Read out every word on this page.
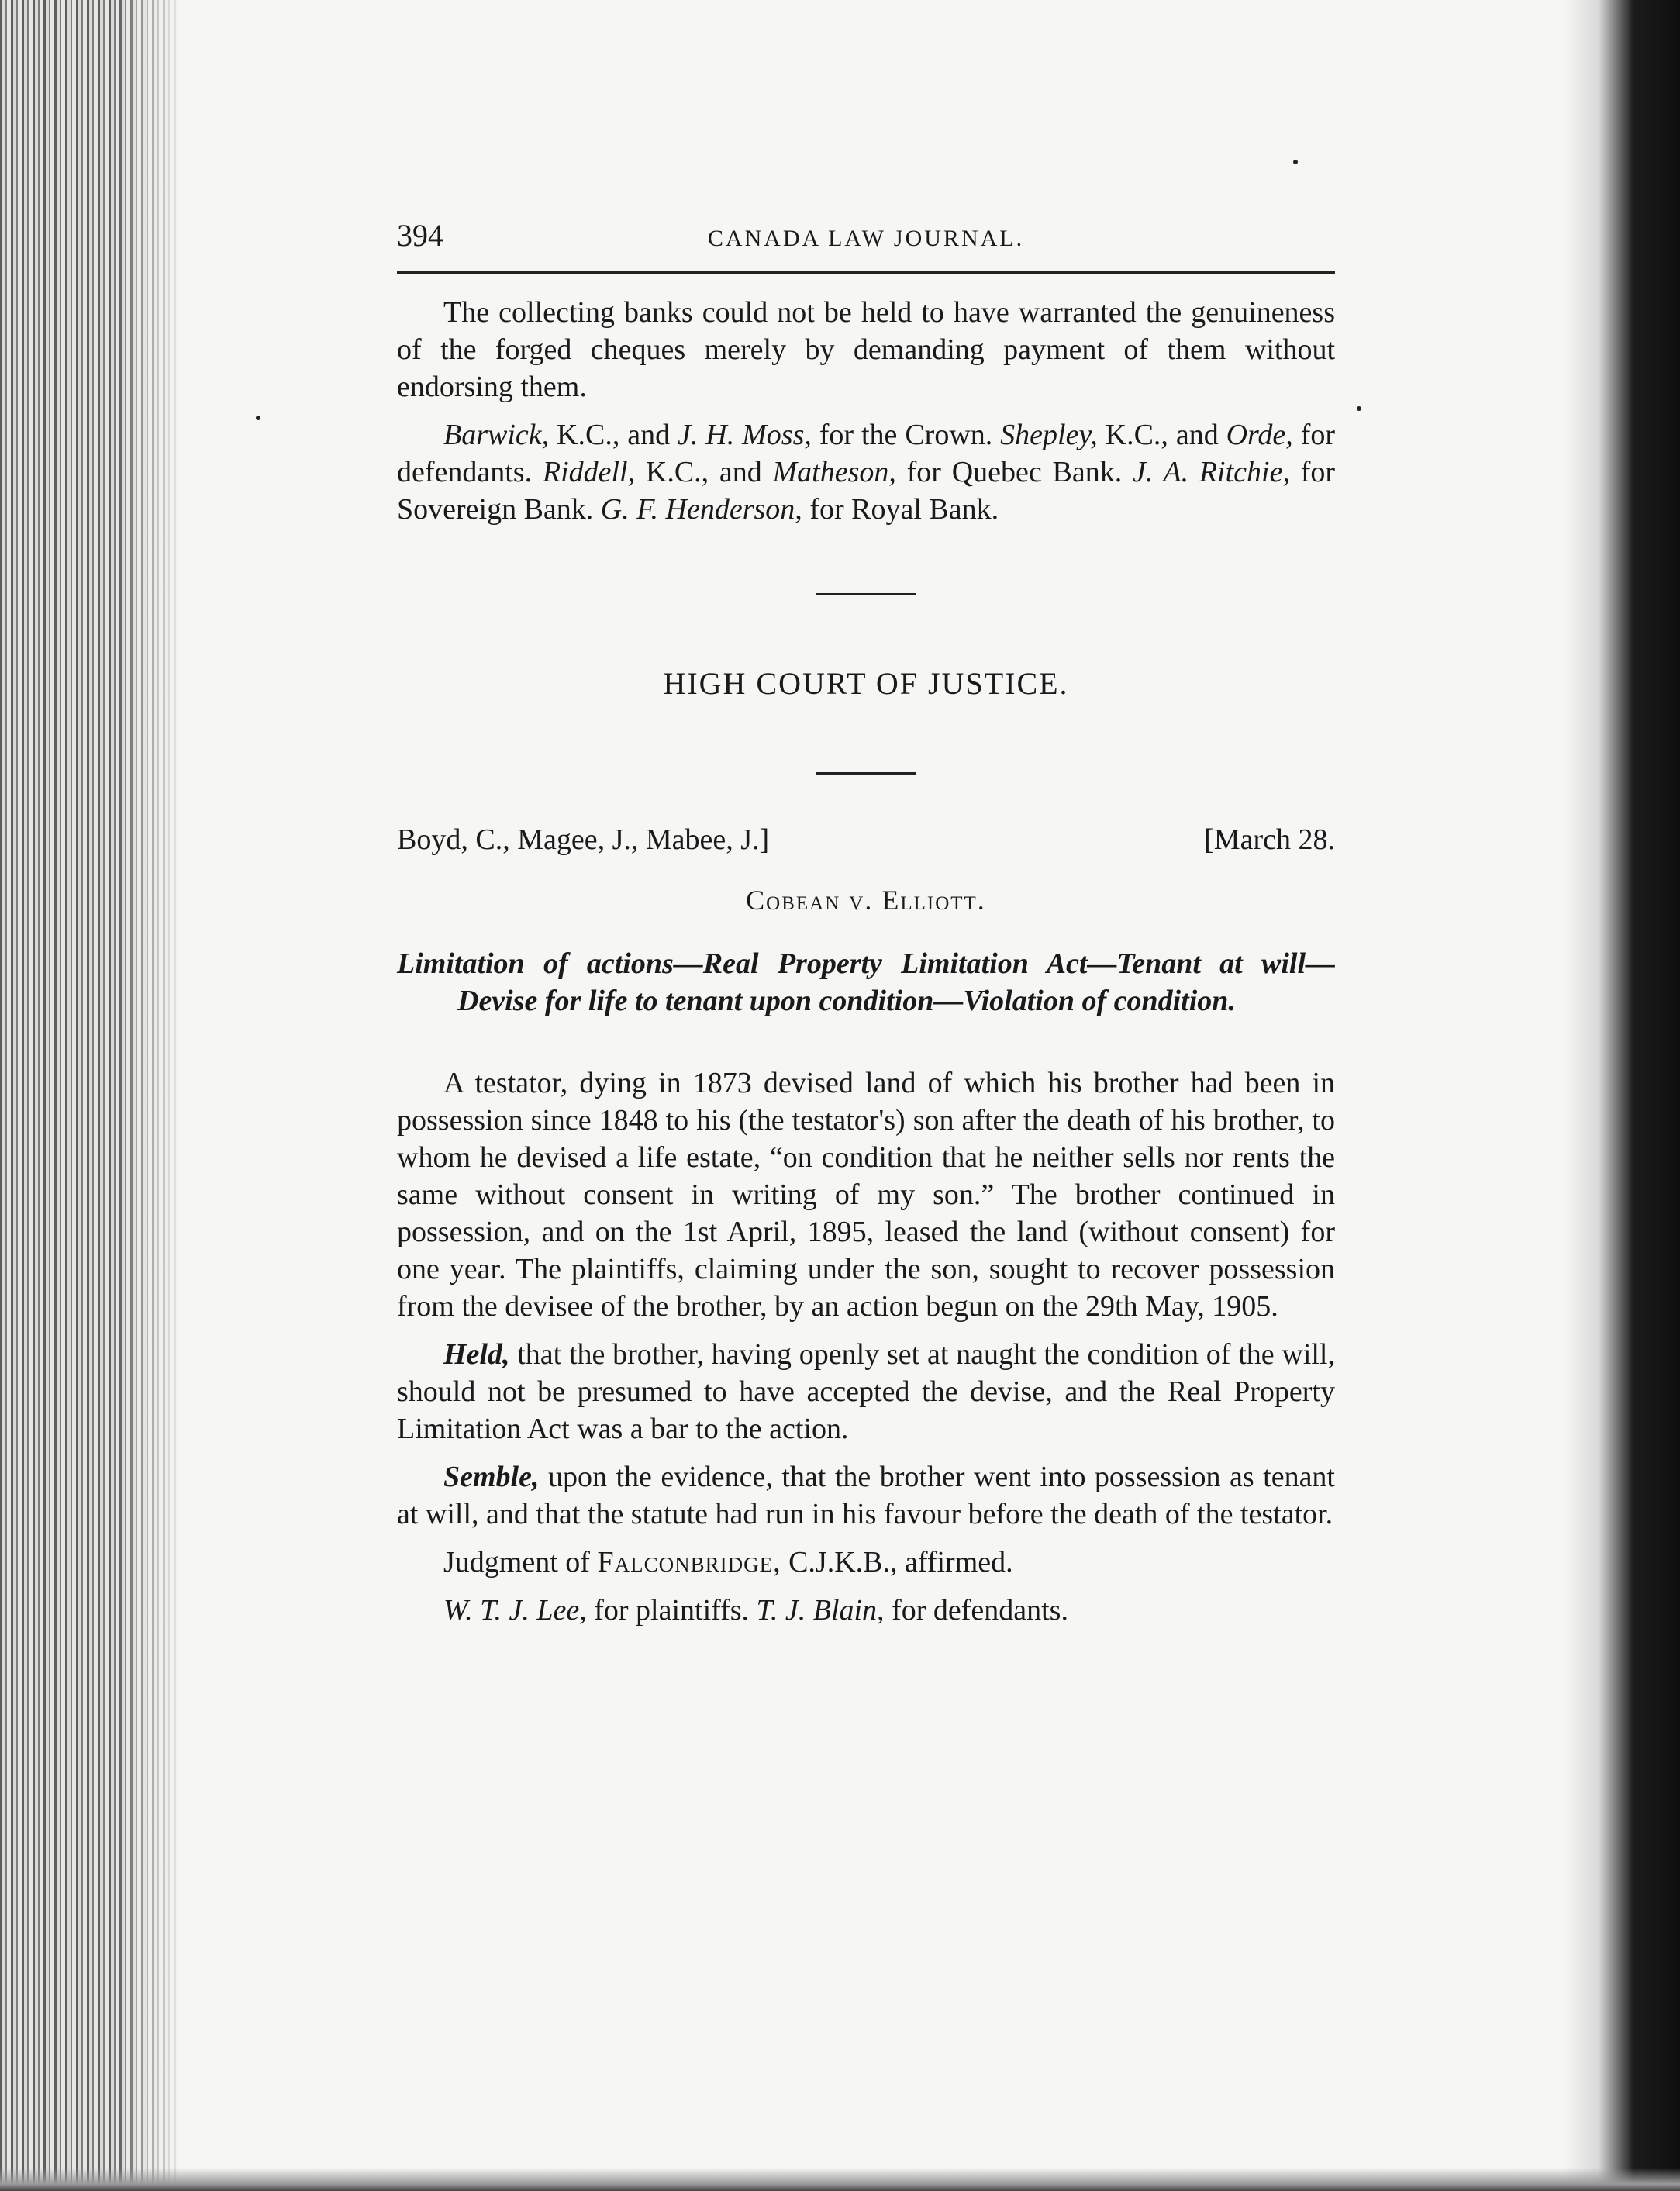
394	CANADA LAW JOURNAL.

The collecting banks could not be held to have warranted the genuineness of the forged cheques merely by demanding payment of them without endorsing them.

Barwick, K.C., and J. H. Moss, for the Crown. Shepley, K.C., and Orde, for defendants. Riddell, K.C., and Matheson, for Quebec Bank. J. A. Ritchie, for Sovereign Bank. G. F. Henderson, for Royal Bank.

HIGH COURT OF JUSTICE.
Boyd, C., Magee, J., Mabee, J.]	[March 28.
Cobean v. Elliott.
Limitation of actions—Real Property Limitation Act—Tenant at will—Devise for life to tenant upon condition—Violation of condition.

A testator, dying in 1873 devised land of which his brother had been in possession since 1848 to his (the testator's) son after the death of his brother, to whom he devised a life estate, “on condition that he neither sells nor rents the same without consent in writing of my son.” The brother continued in possession, and on the 1st April, 1895, leased the land (without consent) for one year. The plaintiffs, claiming under the son, sought to recover possession from the devisee of the brother, by an action begun on the 29th May, 1905.

Held, that the brother, having openly set at naught the condition of the will, should not be presumed to have accepted the devise, and the Real Property Limitation Act was a bar to the action.

Semble, upon the evidence, that the brother went into possession as tenant at will, and that the statute had run in his favour before the death of the testator.

Judgment of Falconbridge, C.J.K.B., affirmed.

W. T. J. Lee, for plaintiffs. T. J. Blain, for defendants.
